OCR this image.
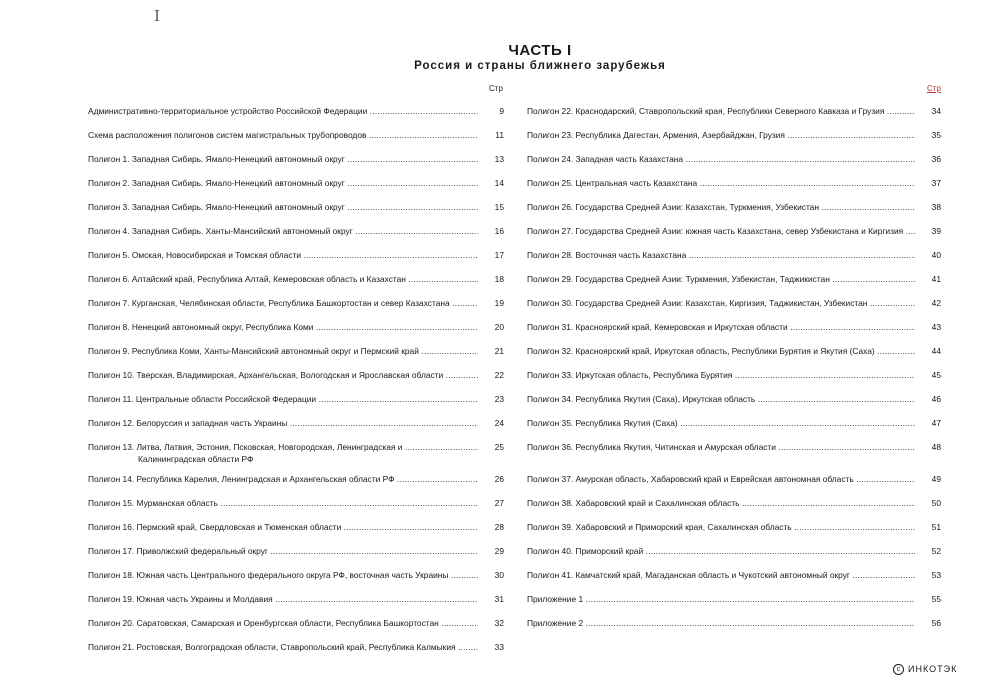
I
ЧАСТЬ I
Россия и страны ближнего зарубежья
Стр	Стр
Административно-территориальное устройство Российской Федерации .....	9
Схема расположения полигонов систем магистральных трубопроводов .....	11
Полигон 1. Западная Сибирь. Ямало-Ненецкий автономный округ .....	13
Полигон 2. Западная Сибирь. Ямало-Ненецкий автономный округ .....	14
Полигон 3. Западная Сибирь. Ямало-Ненецкий автономный округ .....	15
Полигон 4. Западная Сибирь. Ханты-Мансийский автономный округ .....	16
Полигон 5. Омская, Новосибирская и Томская области .....	17
Полигон 6. Алтайский край, Республика Алтай, Кемеровская область и Казахстан .....	18
Полигон 7. Курганская, Челябинская области, Республика Башкортостан и север Казахстана .....	19
Полигон 8. Ненецкий автономный округ, Республика Коми .....	20
Полигон 9. Республика Коми, Ханты-Мансийский автономный округ и Пермский край .....	21
Полигон 10. Тверская, Владимирская, Архангельская, Вологодская и Ярославская области .....	22
Полигон 11. Центральные области Российской Федерации .....	23
Полигон 12. Белоруссия и западная часть Украины .....	24
Полигон 13. Литва, Латвия, Эстония, Псковская, Новгородская, Ленинградская и .....	25
Калининградская области РФ
Полигон 14. Республика Карелия, Ленинградская и Архангельская области РФ .....	26
Полигон 15. Мурманская область .....	27
Полигон 16. Пермский край, Свердловская и Тюменская области .....	28
Полигон 17. Приволжский федеральный округ .....	29
Полигон 18. Южная часть Центрального федерального округа РФ, восточная часть Украины .....	30
Полигон 19. Южная часть Украины и Молдавия .....	31
Полигон 20. Саратовская, Самарская и Оренбургская области, Республика Башкортостан .....	32
Полигон 21. Ростовская, Волгоградская области, Ставропольский край, Республика Калмыкия .....	33
Полигон 22. Краснодарский, Ставропольский края, Республики Северного Кавказа и Грузия .....	34
Полигон 23. Республика Дагестан, Армения, Азербайджан, Грузия .....	35
Полигон 24. Западная часть Казахстана .....	36
Полигон 25. Центральная часть Казахстана .....	37
Полигон 26. Государства Средней Азии: Казахстан, Туркмения, Узбекистан .....	38
Полигон 27. Государства Средней Азии: южная часть Казахстана, север Узбекистана и Киргизия .....	39
Полигон 28. Восточная часть Казахстана .....	40
Полигон 29. Государства Средней Азии: Туркмения, Узбекистан, Таджикистан .....	41
Полигон 30. Государства Средней Азии: Казахстан, Киргизия, Таджикистан, Узбекистан .....	42
Полигон 31. Красноярский край, Кемеровская и Иркутская области .....	43
Полигон 32. Красноярский край, Иркутская область, Республики Бурятия и Якутия (Саха) .....	44
Полигон 33. Иркутская область, Республика Бурятия .....	45
Полигон 34. Республика Якутия (Саха), Иркутская область .....	46
Полигон 35. Республика Якутия (Саха) .....	47
Полигон 36. Республика Якутия, Читинская и Амурская области .....	48
Полигон 37. Амурская область, Хабаровский край и Еврейская автономная область .....	49
Полигон 38. Хабаровский край и Сахалинская область .....	50
Полигон 39. Хабаровский и Приморский края, Сахалинская область .....	51
Полигон 40. Приморский край .....	52
Полигон 41. Камчатский край, Магаданская область и Чукотский автономный округ .....	53
Приложение 1 .....	55
Приложение 2 .....	56
c ИНКОТЭК
